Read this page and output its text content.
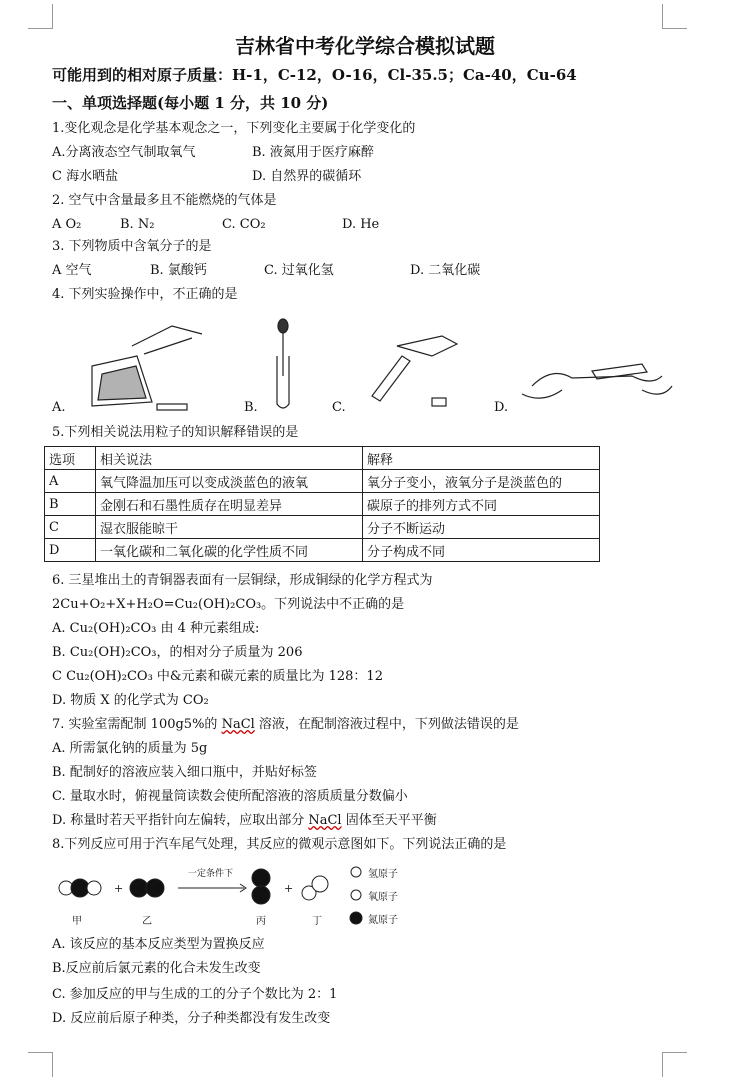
吉林省中考化学综合模拟试题
可能用到的相对原子质量：H-1，C-12，O-16，Cl-35.5；Ca-40，Cu-64
一、单项选择题(每小题 1 分，共 10 分)
1.变化观念是化学基本观念之一，下列变化主要属于化学变化的
A.分离液态空气制取氧气	B. 液氮用于医疗麻醉
C 海水晒盐	D. 自然界的碳循环
2. 空气中含量最多且不能燃烧的气体是
A O₂	B. N₂	C. CO₂	D. He
3. 下列物质中含氧分子的是
A 空气	B. 氯酸钙	C. 过氧化氢	D. 二氧化碳
4. 下列实验操作中，不正确的是
A.	B.	C.	D.
5.下列相关说法用粒子的知识解释错误的是
选项	相关说法	解释
A	氧气降温加压可以变成淡蓝色的液氧	氧分子变小，液氧分子是淡蓝色的
B	金刚石和石墨性质存在明显差异	碳原子的排列方式不同
C	湿衣服能晾干	分子不断运动
D	一氧化碳和二氧化碳的化学性质不同	分子构成不同
6. 三星堆出土的青铜器表面有一层铜绿，形成铜绿的化学方程式为
2Cu+O₂+X+H₂O=Cu₂(OH)₂CO₃。下列说法中不正确的是
A. Cu₂(OH)₂CO₃ 由 4 种元素组成:
B. Cu₂(OH)₂CO₃，的相对分子质量为 206
C Cu₂(OH)₂CO₃ 中&元素和碳元素的质量比为 128：12
D. 物质 X 的化学式为 CO₂
7. 实验室需配制 100g5%的 NaCl 溶液，在配制溶液过程中，下列做法错误的是
A. 所需氯化钠的质量为 5g
B. 配制好的溶液应装入细口瓶中，并贴好标签
C. 量取水时，俯视量筒读数会使所配溶液的溶质质量分数偏小
D. 称量时若天平指针向左偏转，应取出部分 NaCl 固体至天平平衡
8.下列反应可用于汽车尾气处理，其反应的微观示意图如下。下列说法正确的是
+	+
一定条件下
甲	乙	丙	丁
氢原子
氧原子
氮原子
A. 该反应的基本反应类型为置换反应
B.反应前后氯元素的化合未发生改变
C. 参加反应的甲与生成的工的分子个数比为 2：1
D. 反应前后原子种类，分子种类都没有发生改变
